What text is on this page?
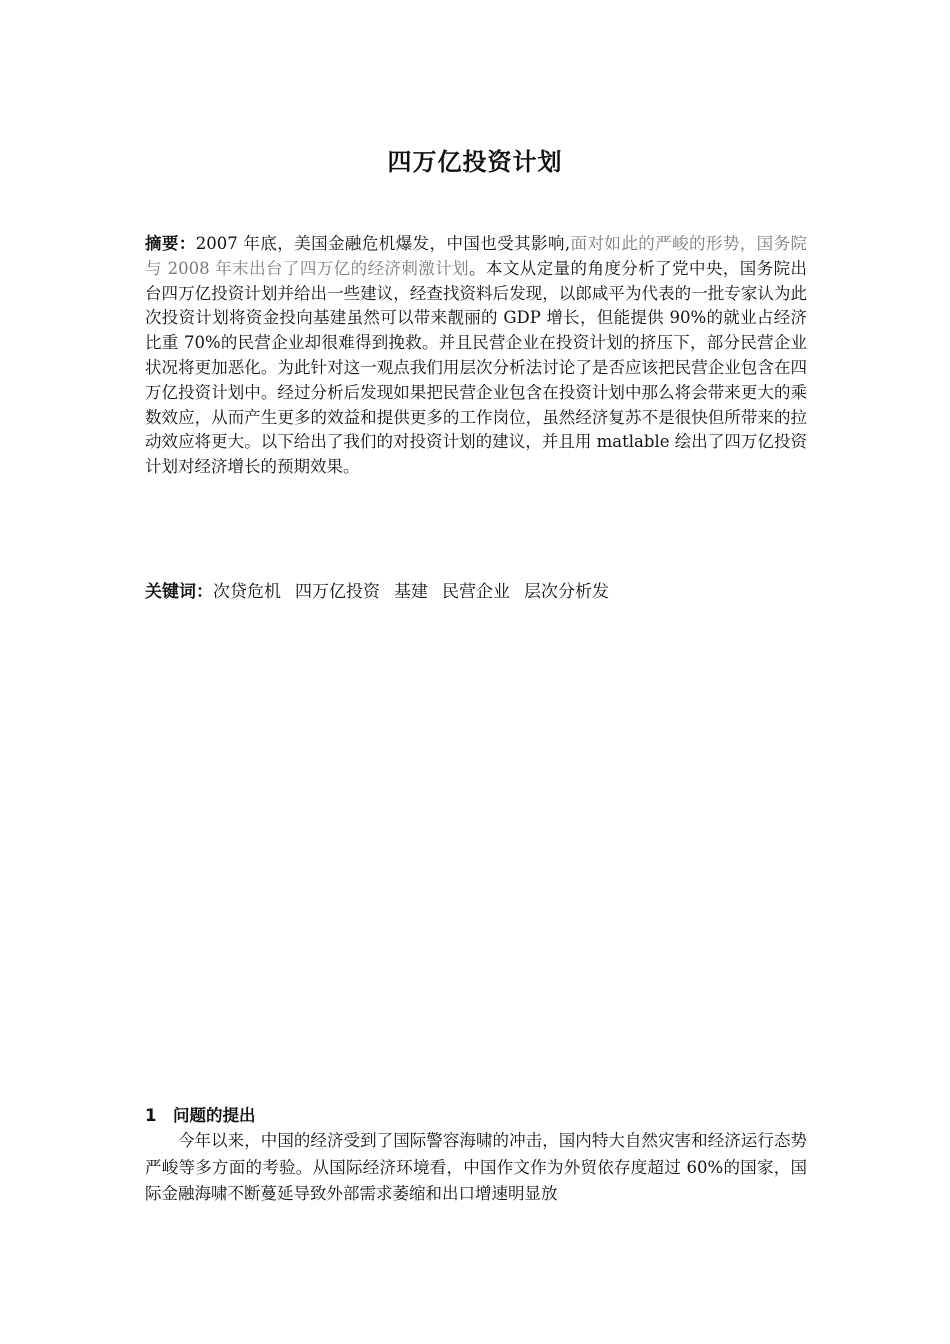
四万亿投资计划
摘要：2007 年底，美国金融危机爆发，中国也受其影响,面对如此的严峻的形势，国务院与 2008 年末出台了四万亿的经济刺激计划。本文从定量的角度分析了党中央，国务院出台四万亿投资计划并给出一些建议，经查找资料后发现，以郎咸平为代表的一批专家认为此次投资计划将资金投向基建虽然可以带来靓丽的 GDP 增长，但能提供 90%的就业占经济比重 70%的民营企业却很难得到挽救。并且民营企业在投资计划的挤压下，部分民营企业状况将更加恶化。为此针对这一观点我们用层次分析法讨论了是否应该把民营企业包含在四万亿投资计划中。经过分析后发现如果把民营企业包含在投资计划中那么将会带来更大的乘数效应，从而产生更多的效益和提供更多的工作岗位，虽然经济复苏不是很快但所带来的拉动效应将更大。以下给出了我们的对投资计划的建议，并且用 matlable 绘出了四万亿投资计划对经济增长的预期效果。
关键词：次贷危机 四万亿投资 基建 民营企业 层次分析发
1 问题的提出
今年以来，中国的经济受到了国际警容海啸的冲击，国内特大自然灾害和经济运行态势严峻等多方面的考验。从国际经济环境看，中国作文作为外贸依存度超过 60%的国家，国际金融海啸不断蔓延导致外部需求萎缩和出口增速明显放
